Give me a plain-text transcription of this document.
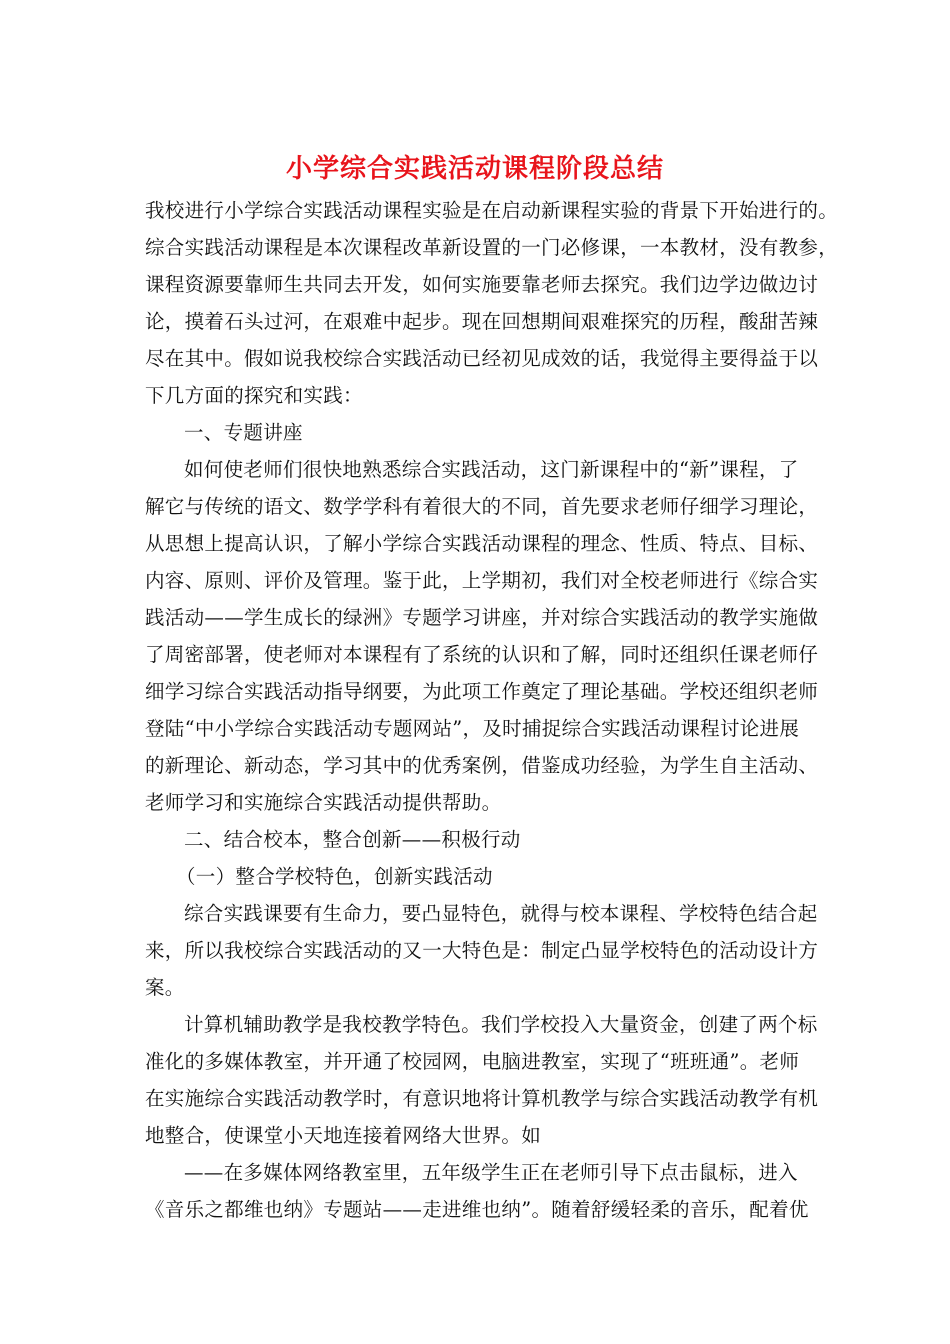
小学综合实践活动课程阶段总结
我校进行小学综合实践活动课程实验是在启动新课程实验的背景下开始进行的。
综合实践活动课程是本次课程改革新设置的一门必修课，一本教材，没有教参，
课程资源要靠师生共同去开发，如何实施要靠老师去探究。我们边学边做边讨
论，摸着石头过河，在艰难中起步。现在回想期间艰难探究的历程，酸甜苦辣
尽在其中。假如说我校综合实践活动已经初见成效的话，我觉得主要得益于以
下几方面的探究和实践：
一、专题讲座
如何使老师们很快地熟悉综合实践活动，这门新课程中的“新”课程，了
解它与传统的语文、数学学科有着很大的不同，首先要求老师仔细学习理论，
从思想上提高认识，了解小学综合实践活动课程的理念、性质、特点、目标、
内容、原则、评价及管理。鉴于此，上学期初，我们对全校老师进行《综合实
践活动——学生成长的绿洲》专题学习讲座，并对综合实践活动的教学实施做
了周密部署，使老师对本课程有了系统的认识和了解，同时还组织任课老师仔
细学习综合实践活动指导纲要，为此项工作奠定了理论基础。学校还组织老师
登陆“中小学综合实践活动专题网站”，及时捕捉综合实践活动课程讨论进展
的新理论、新动态，学习其中的优秀案例，借鉴成功经验，为学生自主活动、
老师学习和实施综合实践活动提供帮助。
二、结合校本，整合创新——积极行动
（一）整合学校特色，创新实践活动
综合实践课要有生命力，要凸显特色，就得与校本课程、学校特色结合起
来，所以我校综合实践活动的又一大特色是：制定凸显学校特色的活动设计方
案。
计算机辅助教学是我校教学特色。我们学校投入大量资金，创建了两个标
准化的多媒体教室，并开通了校园网，电脑进教室，实现了“班班通”。老师
在实施综合实践活动教学时，有意识地将计算机教学与综合实践活动教学有机
地整合，使课堂小天地连接着网络大世界。如
——在多媒体网络教室里，五年级学生正在老师引导下点击鼠标，进入
《音乐之都维也纳》专题站——走进维也纳”。随着舒缓轻柔的音乐，配着优
